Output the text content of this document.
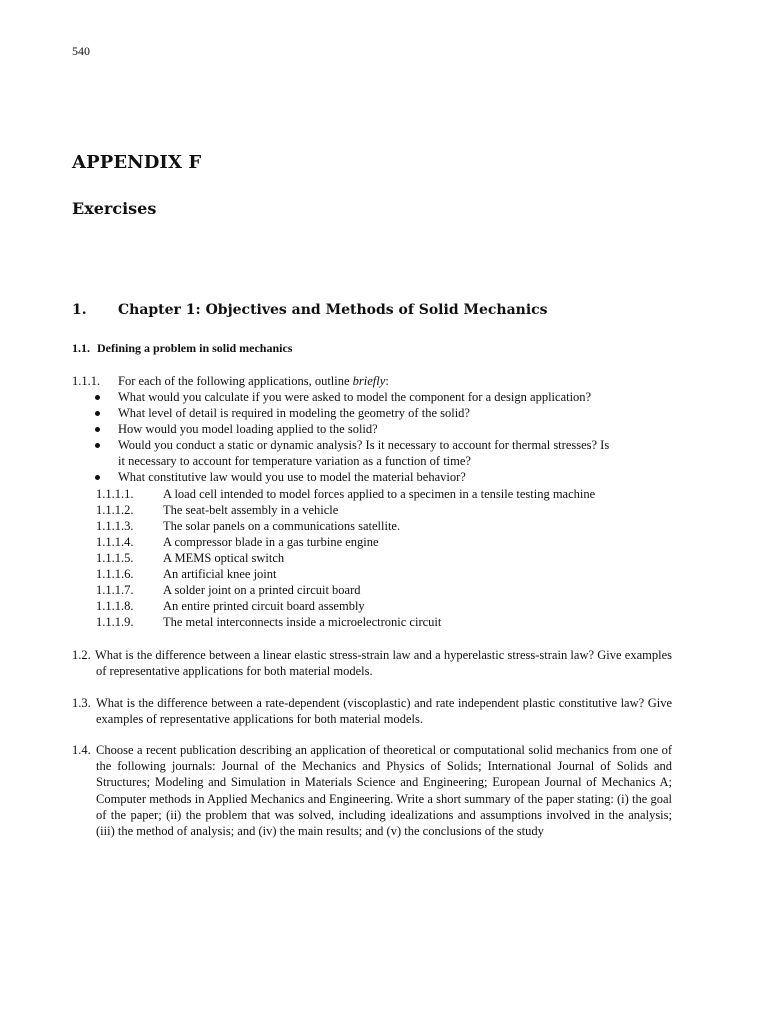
540
APPENDIX F
Exercises
1. Chapter 1: Objectives and Methods of Solid Mechanics
1.1. Defining a problem in solid mechanics
1.1.1. For each of the following applications, outline briefly:
What would you calculate if you were asked to model the component for a design application?
What level of detail is required in modeling the geometry of the solid?
How would you model loading applied to the solid?
Would you conduct a static or dynamic analysis? Is it necessary to account for thermal stresses? Is
it necessary to account for temperature variation as a function of time?
What constitutive law would you use to model the material behavior?
1.1.1.1. A load cell intended to model forces applied to a specimen in a tensile testing machine
1.1.1.2. The seat-belt assembly in a vehicle
1.1.1.3. The solar panels on a communications satellite.
1.1.1.4. A compressor blade in a gas turbine engine
1.1.1.5. A MEMS optical switch
1.1.1.6. An artificial knee joint
1.1.1.7. A solder joint on a printed circuit board
1.1.1.8. An entire printed circuit board assembly
1.1.1.9. The metal interconnects inside a microelectronic circuit
1.2. What is the difference between a linear elastic stress-strain law and a hyperelastic stress-strain law? Give examples of representative applications for both material models.
1.3. What is the difference between a rate-dependent (viscoplastic) and rate independent plastic constitutive law? Give examples of representative applications for both material models.
1.4. Choose a recent publication describing an application of theoretical or computational solid mechanics from one of the following journals: Journal of the Mechanics and Physics of Solids; International Journal of Solids and Structures; Modeling and Simulation in Materials Science and Engineering; European Journal of Mechanics A; Computer methods in Applied Mechanics and Engineering. Write a short summary of the paper stating: (i) the goal of the paper; (ii) the problem that was solved, including idealizations and assumptions involved in the analysis; (iii) the method of analysis; and (iv) the main results; and (v) the conclusions of the study
